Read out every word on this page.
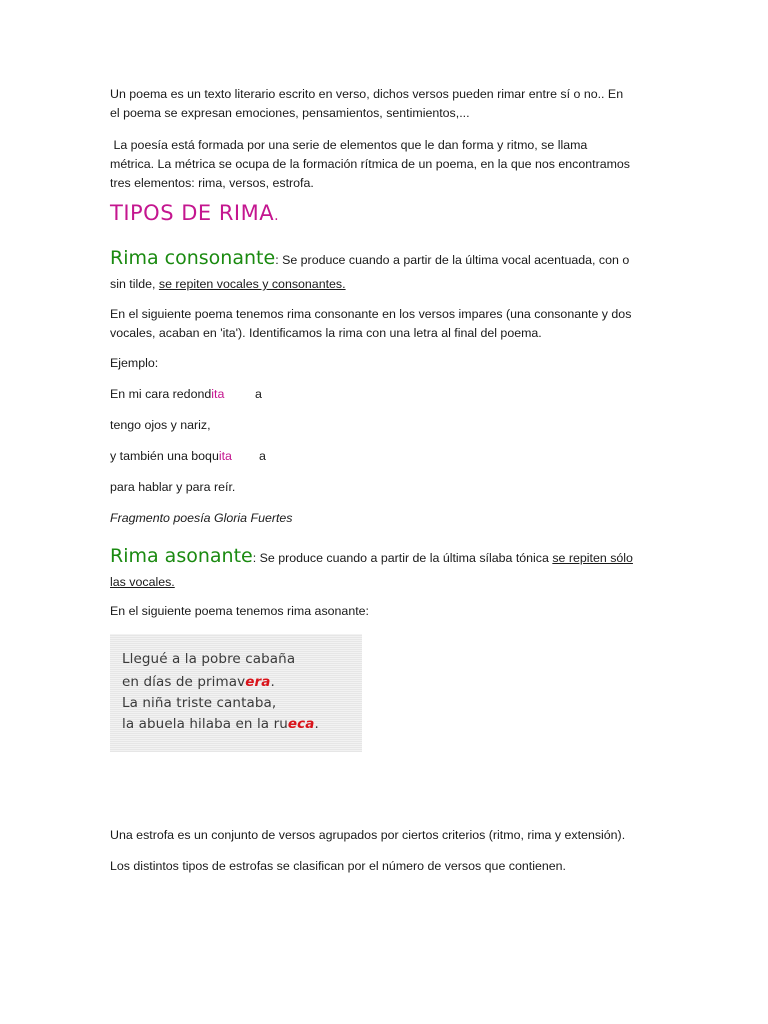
Un poema es un texto literario escrito en verso, dichos versos pueden rimar entre sí o no.. En
el poema se expresan emociones, pensamientos, sentimientos,...

La poesía está formada por una serie de elementos que le dan forma y ritmo, se llama
métrica. La métrica se ocupa de la formación rítmica de un poema, en la que nos encontramos
tres elementos: rima, versos, estrofa.

TIPOS DE RIMA.

Rima consonante: Se produce cuando a partir de la última vocal acentuada, con o
sin tilde, se repiten vocales y consonantes.

En el siguiente poema tenemos rima consonante en los versos impares (una consonante y dos
vocales, acaban en 'ita'). Identificamos la rima con una letra al final del poema.

Ejemplo:

En mi cara redondita a

tengo ojos y nariz,

y también una boquita a

para hablar y para reír.

Fragmento poesía Gloria Fuertes

Rima asonante: Se produce cuando a partir de la última sílaba tónica se repiten sólo
las vocales.

En el siguiente poema tenemos rima asonante:

Llegué a la pobre cabaña
en días de primavera.
La niña triste cantaba,
la abuela hilaba en la rueca.

Una estrofa es un conjunto de versos agrupados por ciertos criterios (ritmo, rima y extensión).

Los distintos tipos de estrofas se clasifican por el número de versos que contienen.
